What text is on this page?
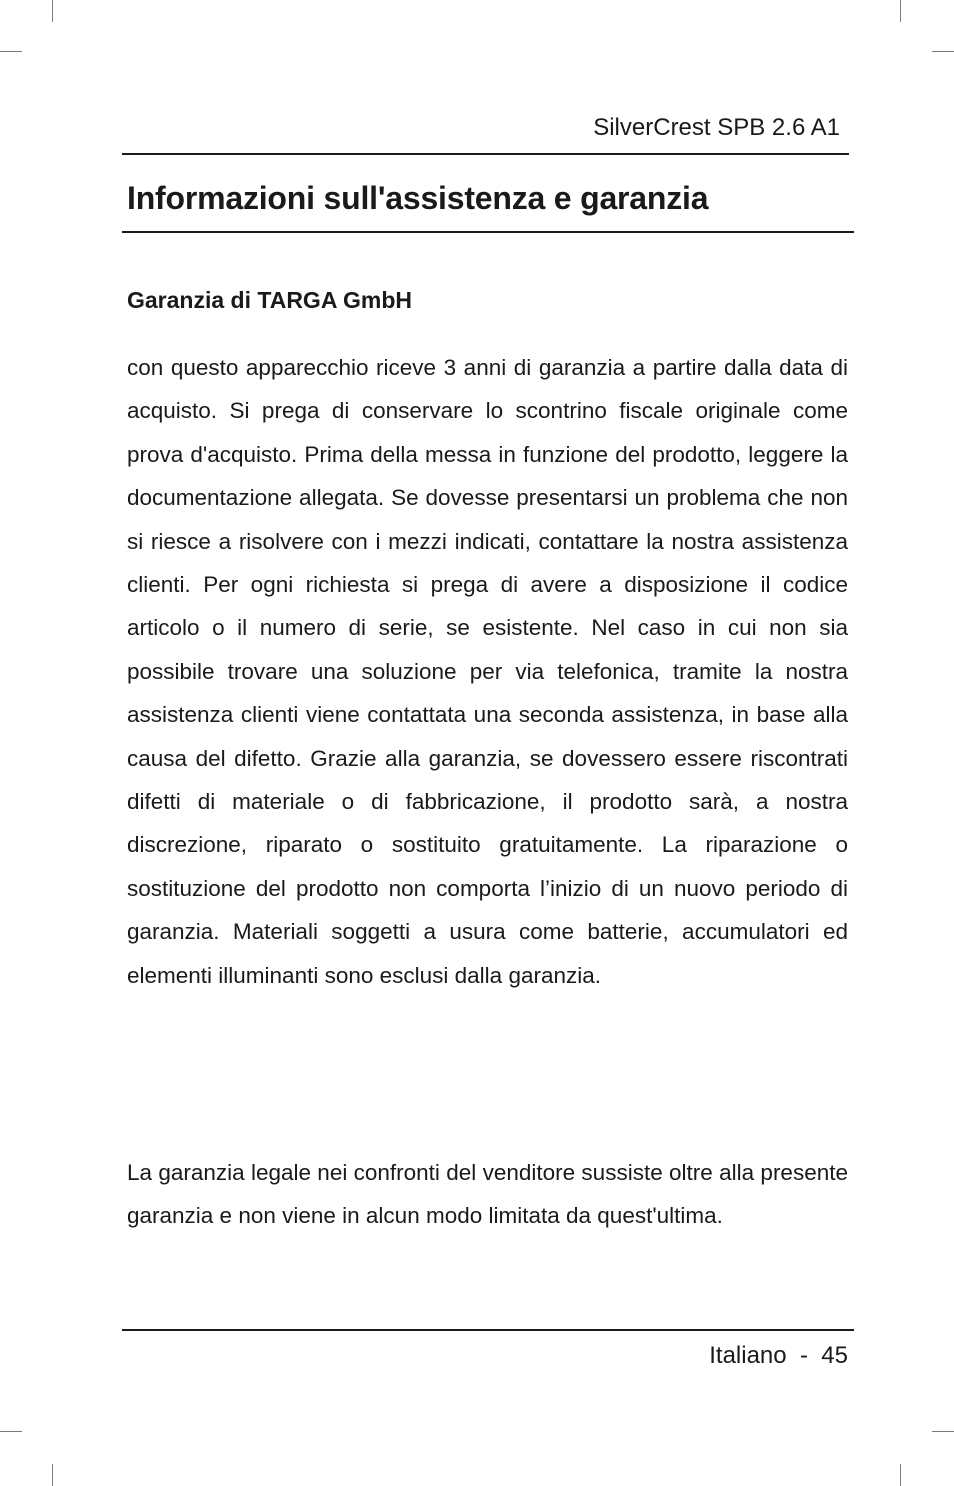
SilverCrest SPB 2.6 A1
Informazioni sull'assistenza e garanzia
Garanzia di TARGA GmbH

con questo apparecchio riceve 3 anni di garanzia a partire dalla data di acquisto. Si prega di conservare lo scontrino fiscale originale come prova d'acquisto. Prima della messa in funzione del prodotto, leggere la documentazione allegata. Se dovesse presentarsi un problema che non si riesce a risolvere con i mezzi indicati, contattare la nostra assistenza clienti. Per ogni richiesta si prega di avere a disposizione il codice articolo o il numero di serie, se esistente. Nel caso in cui non sia possibile trovare una soluzione per via telefonica, tramite la nostra assistenza clienti viene contattata una seconda assistenza, in base alla causa del difetto. Grazie alla garanzia, se dovessero essere riscontrati difetti di materiale o di fabbricazione, il prodotto sarà, a nostra discrezione, riparato o sostituito gratuitamente. La riparazione o sostituzione del prodotto non comporta l’inizio di un nuovo periodo di garanzia. Materiali soggetti a usura come batterie, accumulatori ed elementi illuminanti sono esclusi dalla garanzia.

La garanzia legale nei confronti del venditore sussiste oltre alla presente garanzia e non viene in alcun modo limitata da quest'ultima.

Italiano  -  45
